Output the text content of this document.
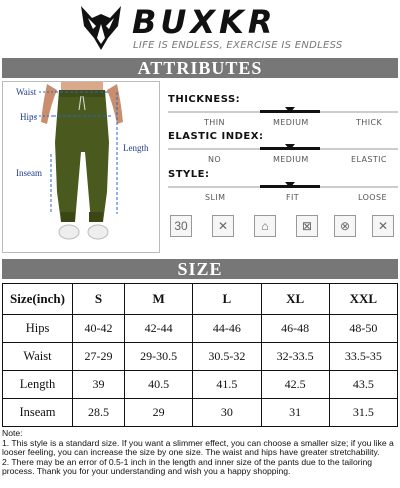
BUXKR
LIFE IS ENDLESS, EXERCISE IS ENDLESS
ATTRIBUTES
Waist
Hips
Length
Inseam
THICKNESS:
THIN	MEDIUM	THICK
ELASTIC INDEX:
NO	MEDIUM	ELASTIC
STYLE:
SLIM	FIT	LOOSE
30	✕	⌂	⊠	⊗	✕
SIZE
Size(inch)	S	M	L	XL	XXL
Hips	40-42	42-44	44-46	46-48	48-50
Waist	27-29	29-30.5	30.5-32	32-33.5	33.5-35
Length	39	40.5	41.5	42.5	43.5
Inseam	28.5	29	30	31	31.5
Note:
1. This style is a standard size. If you want a slimmer effect, you can choose a smaller size; if you like a looser feeling, you can increase the size by one size. The waist and hips have greater stretchability.
2. There may be an error of 0.5-1 inch in the length and inner size of the pants due to the tailoring process. Thank you for your understanding and wish you a happy shopping.
